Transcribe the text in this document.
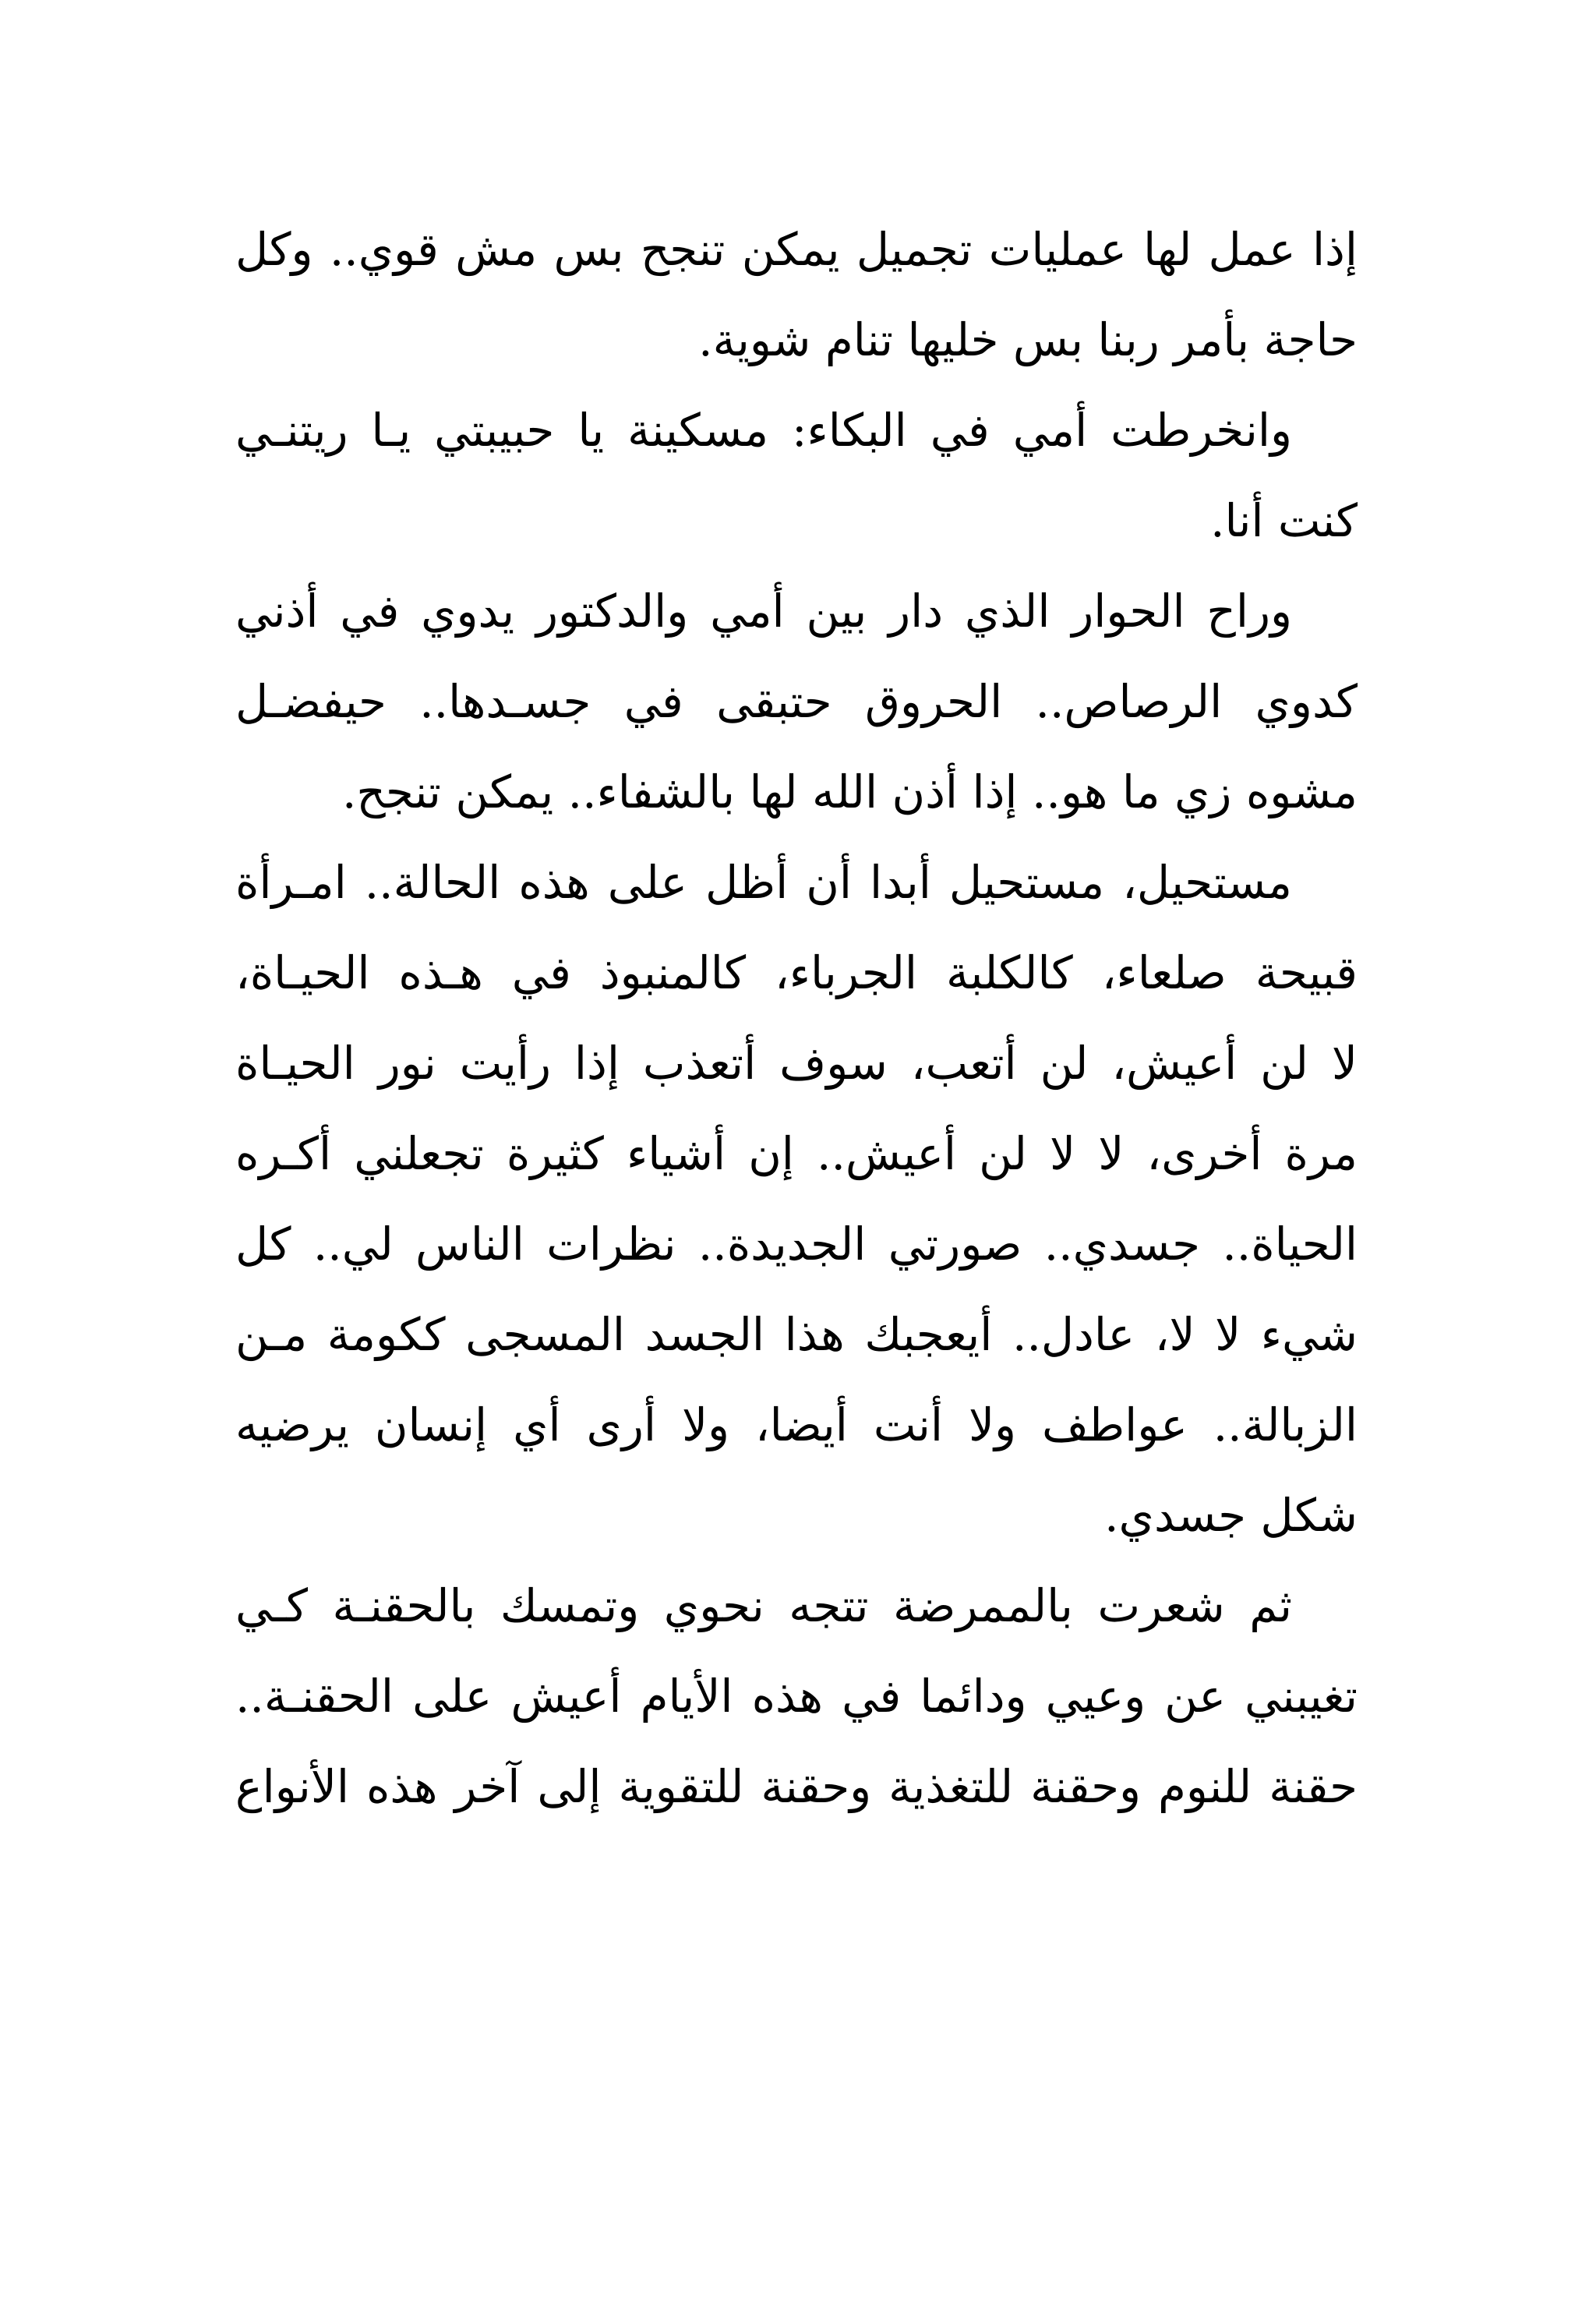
إذا عمل لها عمليات تجميل يمكن تنجح بس مش قوي.. وكل
حاجة بأمر ربنا بس خليها تنام شوية.
وانخرطت أمي في البكاء: مسكينة يا حبيبتي يـا ريتنـي
كنت أنا.
وراح الحوار الذي دار بين أمي والدكتور يدوي في أذني
كدوي الرصاص.. الحروق حتبقى في جسـدها.. حيفضـل
مشوه زي ما هو.. إذا أذن الله لها بالشفاء.. يمكن تنجح.
مستحيل، مستحيل أبدا أن أظل على هذه الحالة.. امـرأة
قبيحة صلعاء، كالكلبة الجرباء، كالمنبوذ في هـذه الحيـاة،
لا لن أعيش، لن أتعب، سوف أتعذب إذا رأيت نور الحيـاة
مرة أخرى، لا لا لن أعيش.. إن أشياء كثيرة تجعلني أكـره
الحياة.. جسدي.. صورتي الجديدة.. نظرات الناس لي.. كل
شيء لا لا، عادل.. أيعجبك هذا الجسد المسجى ككومة مـن
الزبالة.. عواطف ولا أنت أيضا، ولا أرى أي إنسان يرضيه
شكل جسدي.
ثم شعرت بالممرضة تتجه نحوي وتمسك بالحقنـة كـي
تغيبني عن وعيي ودائما في هذه الأيام أعيش على الحقنـة..
حقنة للنوم وحقنة للتغذية وحقنة للتقوية إلى آخر هذه الأنواع
